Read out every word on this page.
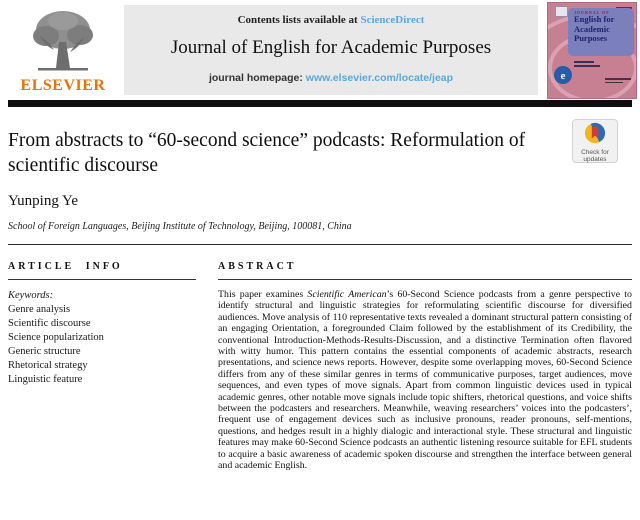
ELSEVIER
Contents lists available at ScienceDirect
Journal of English for Academic Purposes
journal homepage: www.elsevier.com/locate/jeap
JOURNAL OF
English for
Academic
Purposes
e
From abstracts to “60-second science” podcasts: Reformulation of scientific discourse
Check for
updates
Yunping Ye
School of Foreign Languages, Beijing Institute of Technology, Beijing, 100081, China
ARTICLE INFO
Keywords:
Genre analysis
Scientific discourse
Science popularization
Generic structure
Rhetorical strategy
Linguistic feature
ABSTRACT

This paper examines Scientific American’s 60-Second Science podcasts from a genre perspective to identify structural and linguistic strategies for reformulating scientific discourse for diversified audiences. Move analysis of 110 representative texts revealed a dominant structural pattern consisting of an engaging Orientation, a foregrounded Claim followed by the establishment of its Credibility, the conventional Introduction-Methods-Results-Discussion, and a distinctive Termination often flavored with witty humor. This pattern contains the essential components of academic abstracts, research presentations, and science news reports. However, despite some overlapping moves, 60-Second Science differs from any of these similar genres in terms of communicative purposes, target audiences, move sequences, and even types of move signals. Apart from common linguistic devices used in typical academic genres, other notable move signals include topic shifters, rhetorical questions, and voice shifts between the podcasters and researchers. Meanwhile, weaving researchers’ voices into the podcasters’, frequent use of engagement devices such as inclusive pronouns, reader pronouns, self-mentions, questions, and hedges result in a highly dialogic and interactional style. These structural and linguistic features may make 60-Second Science podcasts an authentic listening resource suitable for EFL students to acquire a basic awareness of academic spoken discourse and strengthen the interface between general and academic English.
